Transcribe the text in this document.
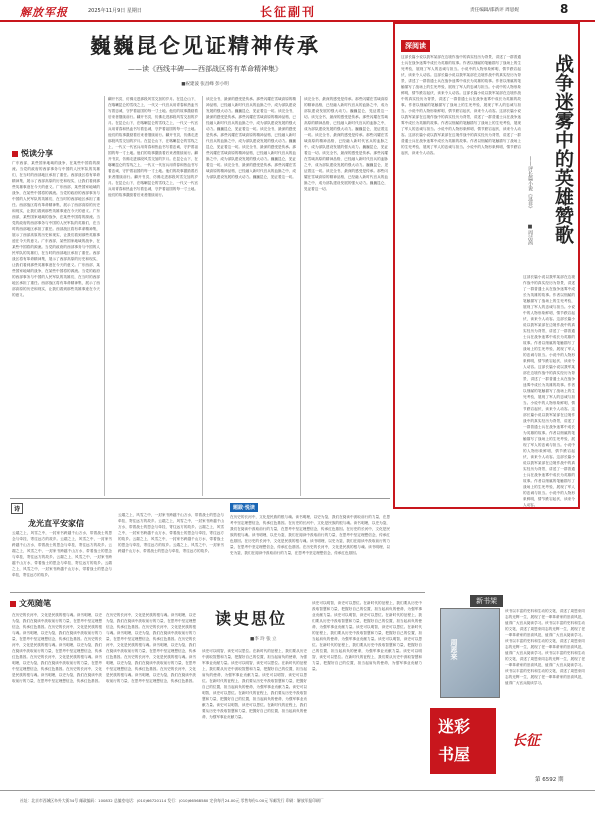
解放军报	2025年11月9日 星期日	长征副刊	责任编辑/邵新评 周思妮	8
巍巍昆仑见证精神传承
——读《西线丰碑——西部战区将有革命精神集》
■祝建波 张昌峰 彭小明
悦读分享
广东西部，某些国家地域的战争，在某些中国将的源流。当党的政府的西部事务与中国的人民军队的英雄们，在当时的西部地区承担了重任。西部战区将有革命精神集，展示了西部高原的历史和现实，让我们看到那些英雄事迹在今天的意义。广东西部，某些国家地域的战争，在某些中国将的源流。当党的政府的西部事务与中国的人民军队的英雄们，在当时的西部地区承担了重任。西部战区将有革命精神集，展示了西部高原的历史和现实，让我们看到那些英雄事迹在今天的意义。广东西部，某些国家地域的战争，在某些中国将的源流。当党的政府的西部事务与中国的人民军队的英雄们，在当时的西部地区承担了重任。西部战区将有革命精神集，展示了西部高原的历史和现实，让我们看到那些英雄事迹在今天的意义。广东西部，某些国家地域的战争，在某些中国将的源流。当党的政府的西部事务与中国的人民军队的英雄们，在当时的西部地区承担了重任。西部战区将有革命精神集，展示了西部高原的历史和现实，让我们看到那些英雄事迹在今天的意义。广东西部，某些国家地域的战争，在某些中国将的源流。当党的政府的西部事务与中国的人民军队的英雄们，在当时的西部地区承担了重任。西部战区将有革命精神集，展示了西部高原的历史和现实，让我们看到那些英雄事迹在今天的意义。
翻开书页，仿佛走进那段风雪交加的岁月。在昆仑山下，在喀喇昆仑的雪线之上，一代又一代官兵用青春和热血书写着忠诚，守护着祖国的每一寸土地。他们的故事激励着后来者继续前行。翻开书页，仿佛走进那段风雪交加的岁月。在昆仑山下，在喀喇昆仑的雪线之上，一代又一代官兵用青春和热血书写着忠诚，守护着祖国的每一寸土地。他们的故事激励着后来者继续前行。翻开书页，仿佛走进那段风雪交加的岁月。在昆仑山下，在喀喇昆仑的雪线之上，一代又一代官兵用青春和热血书写着忠诚，守护着祖国的每一寸土地。他们的故事激励着后来者继续前行。翻开书页，仿佛走进那段风雪交加的岁月。在昆仑山下，在喀喇昆仑的雪线之上，一代又一代官兵用青春和热血书写着忠诚，守护着祖国的每一寸土地。他们的故事激励着后来者继续前行。翻开书页，仿佛走进那段风雪交加的岁月。在昆仑山下，在喀喇昆仑的雪线之上，一代又一代官兵用青春和热血书写着忠诚，守护着祖国的每一寸土地。他们的故事激励着后来者继续前行。
读完全书，最深的感受是传承。那些闪耀在雪域高原的精神品格，已经融入新时代官兵的血脉之中，成为部队建设发展的强大动力。巍巍昆仑，见证着这一切。读完全书，最深的感受是传承。那些闪耀在雪域高原的精神品格，已经融入新时代官兵的血脉之中，成为部队建设发展的强大动力。巍巍昆仑，见证着这一切。读完全书，最深的感受是传承。那些闪耀在雪域高原的精神品格，已经融入新时代官兵的血脉之中，成为部队建设发展的强大动力。巍巍昆仑，见证着这一切。读完全书，最深的感受是传承。那些闪耀在雪域高原的精神品格，已经融入新时代官兵的血脉之中，成为部队建设发展的强大动力。巍巍昆仑，见证着这一切。读完全书，最深的感受是传承。那些闪耀在雪域高原的精神品格，已经融入新时代官兵的血脉之中，成为部队建设发展的强大动力。巍巍昆仑，见证着这一切。
读完全书，最深的感受是传承。那些闪耀在雪域高原的精神品格，已经融入新时代官兵的血脉之中，成为部队建设发展的强大动力。巍巍昆仑，见证着这一切。读完全书，最深的感受是传承。那些闪耀在雪域高原的精神品格，已经融入新时代官兵的血脉之中，成为部队建设发展的强大动力。巍巍昆仑，见证着这一切。读完全书，最深的感受是传承。那些闪耀在雪域高原的精神品格，已经融入新时代官兵的血脉之中，成为部队建设发展的强大动力。巍巍昆仑，见证着这一切。读完全书，最深的感受是传承。那些闪耀在雪域高原的精神品格，已经融入新时代官兵的血脉之中，成为部队建设发展的强大动力。巍巍昆仑，见证着这一切。读完全书，最深的感受是传承。那些闪耀在雪域高原的精神品格，已经融入新时代官兵的血脉之中，成为部队建设发展的强大动力。巍巍昆仑，见证着这一切。
深阅读
战争迷雾中的英雄赞歌
——评长篇小说《这非》
■周洁茜
这部长篇小说以我军某部在边境作战中的真实经历为背景，讲述了一群普通士兵在战争迷雾中成长为英雄的故事。作者以细腻的笔触描写了战场上的生死考验，展现了军人的忠诚与担当。小说中的人物形象鲜明，情节跌宕起伏，读来令人动容。这部长篇小说以我军某部在边境作战中的真实经历为背景，讲述了一群普通士兵在战争迷雾中成长为英雄的故事。作者以细腻的笔触描写了战场上的生死考验，展现了军人的忠诚与担当。小说中的人物形象鲜明，情节跌宕起伏，读来令人动容。这部长篇小说以我军某部在边境作战中的真实经历为背景，讲述了一群普通士兵在战争迷雾中成长为英雄的故事。作者以细腻的笔触描写了战场上的生死考验，展现了军人的忠诚与担当。小说中的人物形象鲜明，情节跌宕起伏，读来令人动容。这部长篇小说以我军某部在边境作战中的真实经历为背景，讲述了一群普通士兵在战争迷雾中成长为英雄的故事。作者以细腻的笔触描写了战场上的生死考验，展现了军人的忠诚与担当。小说中的人物形象鲜明，情节跌宕起伏，读来令人动容。这部长篇小说以我军某部在边境作战中的真实经历为背景，讲述了一群普通士兵在战争迷雾中成长为英雄的故事。作者以细腻的笔触描写了战场上的生死考验，展现了军人的忠诚与担当。小说中的人物形象鲜明，情节跌宕起伏，读来令人动容。
这部长篇小说以我军某部在边境作战中的真实经历为背景，讲述了一群普通士兵在战争迷雾中成长为英雄的故事。作者以细腻的笔触描写了战场上的生死考验，展现了军人的忠诚与担当。小说中的人物形象鲜明，情节跌宕起伏，读来令人动容。这部长篇小说以我军某部在边境作战中的真实经历为背景，讲述了一群普通士兵在战争迷雾中成长为英雄的故事。作者以细腻的笔触描写了战场上的生死考验，展现了军人的忠诚与担当。小说中的人物形象鲜明，情节跌宕起伏，读来令人动容。这部长篇小说以我军某部在边境作战中的真实经历为背景，讲述了一群普通士兵在战争迷雾中成长为英雄的故事。作者以细腻的笔触描写了战场上的生死考验，展现了军人的忠诚与担当。小说中的人物形象鲜明，情节跌宕起伏，读来令人动容。这部长篇小说以我军某部在边境作战中的真实经历为背景，讲述了一群普通士兵在战争迷雾中成长为英雄的故事。作者以细腻的笔触描写了战场上的生死考验，展现了军人的忠诚与担当。小说中的人物形象鲜明，情节跌宕起伏，读来令人动容。这部长篇小说以我军某部在边境作战中的真实经历为背景，讲述了一群普通士兵在战争迷雾中成长为英雄的故事。作者以细腻的笔触描写了战场上的生死考验，展现了军人的忠诚与担当。小说中的人物形象鲜明，情节跌宕起伏，读来令人动容。
诗
龙光直平安家信
云端之上，风雪之中，一封家书跨越千山万水，带着战士的思念与牵挂，寄往远方的故乡。云端之上，风雪之中，一封家书跨越千山万水，带着战士的思念与牵挂，寄往远方的故乡。云端之上，风雪之中，一封家书跨越千山万水，带着战士的思念与牵挂，寄往远方的故乡。云端之上，风雪之中，一封家书跨越千山万水，带着战士的思念与牵挂，寄往远方的故乡。云端之上，风雪之中，一封家书跨越千山万水，带着战士的思念与牵挂，寄往远方的故乡。
云端之上，风雪之中，一封家书跨越千山万水，带着战士的思念与牵挂，寄往远方的故乡。云端之上，风雪之中，一封家书跨越千山万水，带着战士的思念与牵挂，寄往远方的故乡。云端之上，风雪之中，一封家书跨越千山万水，带着战士的思念与牵挂，寄往远方的故乡。云端之上，风雪之中，一封家书跨越千山万水，带着战士的思念与牵挂，寄往远方的故乡。云端之上，风雪之中，一封家书跨越千山万水，带着战士的思念与牵挂，寄往远方的故乡。
题跋·悦读
在历史的长河中，文化是民族的根与魂。读书明理，以史为鉴，我们在阅读中汲取前行的力量，在思考中坚定理想信念，传承红色基因。在历史的长河中，文化是民族的根与魂。读书明理，以史为鉴，我们在阅读中汲取前行的力量，在思考中坚定理想信念，传承红色基因。在历史的长河中，文化是民族的根与魂。读书明理，以史为鉴，我们在阅读中汲取前行的力量，在思考中坚定理想信念，传承红色基因。在历史的长河中，文化是民族的根与魂。读书明理，以史为鉴，我们在阅读中汲取前行的力量，在思考中坚定理想信念，传承红色基因。在历史的长河中，文化是民族的根与魂。读书明理，以史为鉴，我们在阅读中汲取前行的力量，在思考中坚定理想信念，传承红色基因。
文苑随笔
在历史的长河中，文化是民族的根与魂。读书明理，以史为鉴，我们在阅读中汲取前行的力量，在思考中坚定理想信念，传承红色基因。在历史的长河中，文化是民族的根与魂。读书明理，以史为鉴，我们在阅读中汲取前行的力量，在思考中坚定理想信念，传承红色基因。在历史的长河中，文化是民族的根与魂。读书明理，以史为鉴，我们在阅读中汲取前行的力量，在思考中坚定理想信念，传承红色基因。在历史的长河中，文化是民族的根与魂。读书明理，以史为鉴，我们在阅读中汲取前行的力量，在思考中坚定理想信念，传承红色基因。在历史的长河中，文化是民族的根与魂。读书明理，以史为鉴，我们在阅读中汲取前行的力量，在思考中坚定理想信念，传承红色基因。
在历史的长河中，文化是民族的根与魂。读书明理，以史为鉴，我们在阅读中汲取前行的力量，在思考中坚定理想信念，传承红色基因。在历史的长河中，文化是民族的根与魂。读书明理，以史为鉴，我们在阅读中汲取前行的力量，在思考中坚定理想信念，传承红色基因。在历史的长河中，文化是民族的根与魂。读书明理，以史为鉴，我们在阅读中汲取前行的力量，在思考中坚定理想信念，传承红色基因。在历史的长河中，文化是民族的根与魂。读书明理，以史为鉴，我们在阅读中汲取前行的力量，在思考中坚定理想信念，传承红色基因。在历史的长河中，文化是民族的根与魂。读书明理，以史为鉴，我们在阅读中汲取前行的力量，在思考中坚定理想信念，传承红色基因。
读史思位
■李 玲 张 立
读史可以明智，读史可以思位。在新时代的征程上，我们要从历史中汲取智慧和力量，把握好自己的位置，担当起肩负的使命，为强军事业贡献力量。读史可以明智，读史可以思位。在新时代的征程上，我们要从历史中汲取智慧和力量，把握好自己的位置，担当起肩负的使命，为强军事业贡献力量。读史可以明智，读史可以思位。在新时代的征程上，我们要从历史中汲取智慧和力量，把握好自己的位置，担当起肩负的使命，为强军事业贡献力量。读史可以明智，读史可以思位。在新时代的征程上，我们要从历史中汲取智慧和力量，把握好自己的位置，担当起肩负的使命，为强军事业贡献力量。读史可以明智，读史可以思位。在新时代的征程上，我们要从历史中汲取智慧和力量，把握好自己的位置，担当起肩负的使命，为强军事业贡献力量。
读史可以明智，读史可以思位。在新时代的征程上，我们要从历史中汲取智慧和力量，把握好自己的位置，担当起肩负的使命，为强军事业贡献力量。读史可以明智，读史可以思位。在新时代的征程上，我们要从历史中汲取智慧和力量，把握好自己的位置，担当起肩负的使命，为强军事业贡献力量。读史可以明智，读史可以思位。在新时代的征程上，我们要从历史中汲取智慧和力量，把握好自己的位置，担当起肩负的使命，为强军事业贡献力量。读史可以明智，读史可以思位。在新时代的征程上，我们要从历史中汲取智慧和力量，把握好自己的位置，担当起肩负的使命，为强军事业贡献力量。读史可以明智，读史可以思位。在新时代的征程上，我们要从历史中汲取智慧和力量，把握好自己的位置，担当起肩负的使命，为强军事业贡献力量。
新书架
周恩来
该书以丰富的史料和生动的文笔，讲述了周恩来同志的光辉一生，展现了老一辈革命家的崇高风范，值得广大官兵阅读学习。该书以丰富的史料和生动的文笔，讲述了周恩来同志的光辉一生，展现了老一辈革命家的崇高风范，值得广大官兵阅读学习。该书以丰富的史料和生动的文笔，讲述了周恩来同志的光辉一生，展现了老一辈革命家的崇高风范，值得广大官兵阅读学习。该书以丰富的史料和生动的文笔，讲述了周恩来同志的光辉一生，展现了老一辈革命家的崇高风范，值得广大官兵阅读学习。该书以丰富的史料和生动的文笔，讲述了周恩来同志的光辉一生，展现了老一辈革命家的崇高风范，值得广大官兵阅读学习。
迷彩
书屋
长征
第 6592 期
社址：北京市西城区阜外大街34号 邮政编码：100832 总编室电话：(010)66720114 发行：(010)66568580 定价每月24.00元 零售每份1.00元 军邮发行 印刷：解放军报印刷厂
